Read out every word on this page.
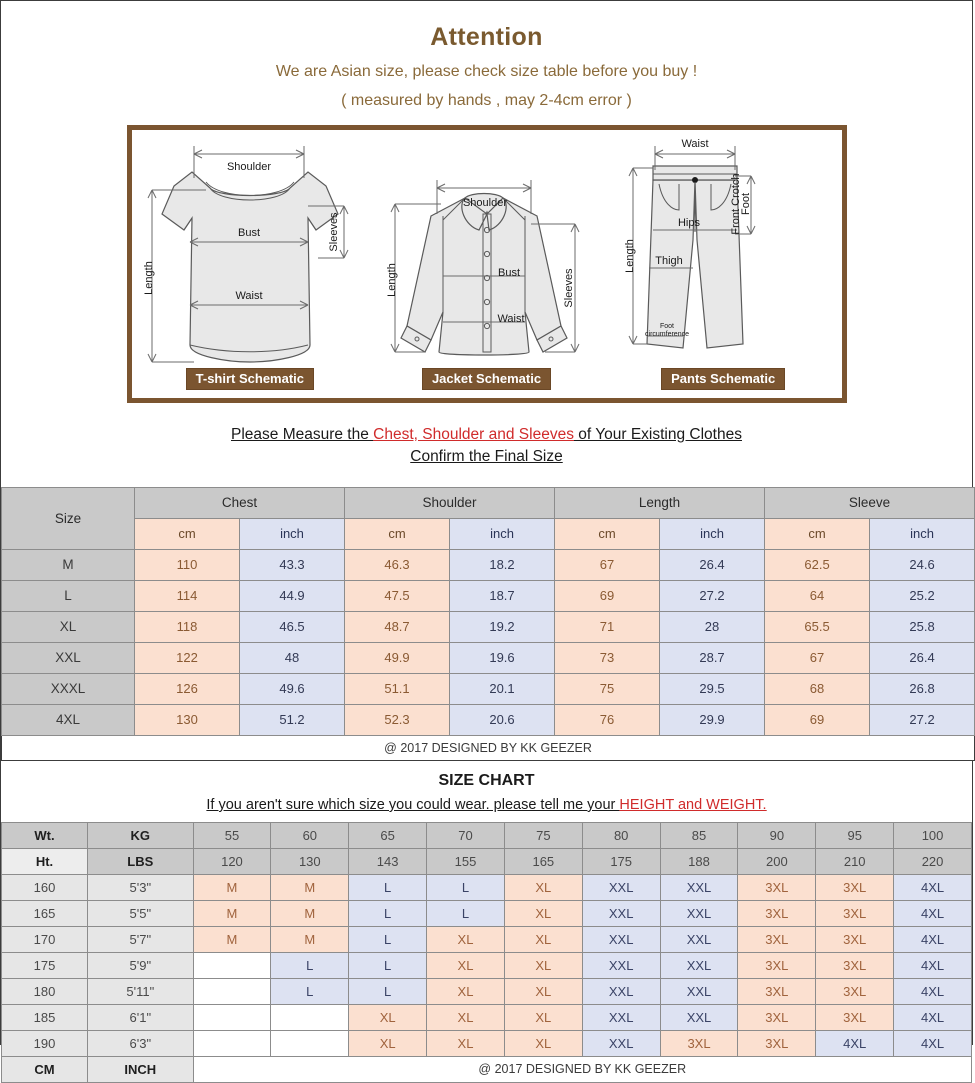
Attention
We are Asian size, please check size table before you buy !
( measured by hands , may 2-4cm error )
Shoulder
Bust
Waist
Length
Sleeves
T-shirt Schematic
Shoulder
Bust
Waist
Length	Sleeves
Jacket Schematic
Waist
Hips
Thigh
Length
Front Crotch
Foot
Foot
circumference
Pants Schematic
Please Measure the Chest, Shoulder and Sleeves of Your Existing Clothes
Confirm the Final Size
Size	Chest		Shoulder		Length		Sleeve	
	cm	inch	cm	inch	cm	inch	cm	inch
M	110	43.3	46.3	18.2	67	26.4	62.5	24.6
L	114	44.9	47.5	18.7	69	27.2	64	25.2
XL	118	46.5	48.7	19.2	71	28	65.5	25.8
XXL	122	48	49.9	19.6	73	28.7	67	26.4
XXXL	126	49.6	51.1	20.1	75	29.5	68	26.8
4XL	130	51.2	52.3	20.6	76	29.9	69	27.2
@ 2017 DESIGNED BY KK GEEZER								
SIZE CHART
If you aren't sure which size you could wear. please tell me your HEIGHT and WEIGHT.
Wt.	KG	55	60	65	70	75	80	85	90	95	100
Ht.	LBS	120	130	143	155	165	175	188	200	210	220
160	5'3"	M	M	L	L	XL	XXL	XXL	3XL	3XL	4XL
165	5'5"	M	M	L	L	XL	XXL	XXL	3XL	3XL	4XL
170	5'7"	M	M	L	XL	XL	XXL	XXL	3XL	3XL	4XL
175	5'9"		L	L	XL	XL	XXL	XXL	3XL	3XL	4XL
180	5'11"		L	L	XL	XL	XXL	XXL	3XL	3XL	4XL
185	6'1"			XL	XL	XL	XXL	XXL	3XL	3XL	4XL
190	6'3"			XL	XL	XL	XXL	3XL	3XL	4XL	4XL
CM	INCH	@ 2017 DESIGNED BY KK GEEZER									
